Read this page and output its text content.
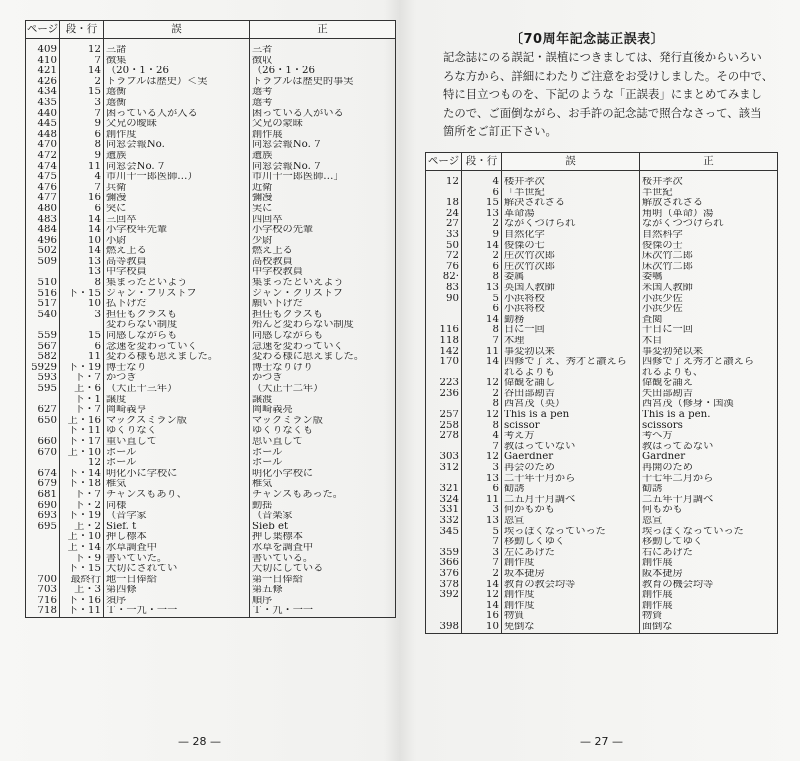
ページ	段・行	誤	正

409	12	三諸	三者
410	7	徴集	徴収
421	14	（20・1・26	（26・1・26
426	2	トラブルは歴史）＜実	トラブルは歴史的事実
434	15	選衡	選考
435	3	選衡	選考
440	7	困っている人が入る	困っている人がいる
445	9	父兄の曖昧	父兄の蒙昧
448	6	創作度	創作展
470	8	同窓会報No.	同窓会報No. 7
472	9	遺族	遺族
474	11	同窓会No. 7	同窓会報No. 7
475	4	市川十一郎医師…）	市川十一郎医師…」
476	7	兵衛	近衛
477	16	彌漫	彌漫
480	6	突に	実に
483	14	三回卒	四回卒
484	14	小学校年先輩	小学校の先輩
496	10	小尉	少尉
502	14	燃え上る	燃え上る
509	13	高等教員	高校教員
	13	中学校員	中学校教員
510	8	集まったといよう	集まったといえよう
516	下・15	ジャン・フリストフ	ジャン・クリストフ
517	10	払下げだ	願い下げだ
540	3	担任もクラスも	担任もクラスも
		変わらない制度	殆んど変わらない制度
559	15	同感しながらも	同感しながらも
567	6	念速を変わっていく	急速を変わっていく
582	11	変わる様も思えました。	変わる様に思えました。
5929	下・19	博士なり	博士なりけり
593	下・7	かつぎ	かづぎ
595	上・6	（大正十三年）	（大正十二年）
	下・1	譲度	譲渡
627	下・7	岡崎義亨	岡崎義亮
650	上・16	マックスミラン版	マックミラン版
	下・11	ゆくりなく	ゆくりなくも
660	下・17	重い直して	思い直して
670	上・10	ボール	ボール
	12	ボール	ボール
674	下・14	明化小に学校に	明化小学校に
679	下・18	稚気	稚気
681	下・7	チャンスもあり、	チャンスもあった。
690	下・2	同様	動揺
693	下・19	（音学家	（音楽家
695	上・2	Sief. t	Sieb et
	上・10	押し標本	押し葉標本
	上・14	水草調査中	水草を調査中
	下・9	書いていた。	書いている。
	下・15	大切にされてい	大切にしている
700	最終行	地一日俸給	第一日俸給
703	上・3	第四條	第五條
716	下・16	須序	順序
718	下・11	Ｔ・一九・一一	Ｔ・九・一一
〔70周年記念誌正誤表〕
記念誌にのる誤記・誤植につきましては、発行直後からいろい
ろな方から、詳細にわたりご注意をお受けしました。その中で、
特に目立つものを、下記のような「正誤表」にまとめてみまし
たので、ご面倒ながら、お手許の記念誌で照合なさって、該当
箇所をご訂正下さい。
ページ	段・行	誤	正

12	4	楼井孝次	桜井孝次
	6	「半世紀	半世紀
18	15	解決されざる	解放されざる
24	13	革命湯	角明（革命）湯
27	2	ながくづけられ	ながくつづけられ
33	9	自然化学	自然科学
50	14	俊傑の七	俊傑の士
72	2	庄次竹次郎	床次竹二郎
76	6	庄次竹次郎	床次竹二郎
82·	8	委属	委嘱
83	13	英国人教師	米国人教師
90	5	小浜将校	小浜少佐
	6	小浜将校	小浜少佐
	14	勤務	査閲
116	8	日に一回	十日に一回
118	7	木理	木目
142	11	事変勃以来	事変勃発以来
170	14	四修で了え、秀才と讃えら	四修で了え秀才と讃えら
		れるよりも	れるよりも、
223	12	偉観を誦し	偉観を誦え
236	2	谷田部勘吉	矢田部勘吉
	8	西宮茂（英）	西宮茂（修身・国漢
257	12	This is a pen	This is a pen.
258	8	scissor	scissors
278	4	考え方	考へ方
	7	教はっていない	教はってゐない
303	12	Gaerdner	Gardner
312	3	再会のため	再開のため
	13	二十年十月から	十七年二月から
321	6	勧誘	勧誘
324	11	二五月十月調べ	二五年十月調べ
331	3	何かもかも	何もかも
332	13	恩宣	恩宣
345	5	埃っぽくなっていった	埃っぽくなっていった
	7	移動しくゆく	移動してゆく
359	3	左にあげた	右にあげた
366	7	創作度	創作展
376	2	坂本捷房	阪本捷房
378	14	教育の教会均等	教育の機会均等
392	12	創作度	創作展
	14	創作度	創作展
	16	物質	物資
398	10	免倒な	面倒な
— 28 —	— 27 —
